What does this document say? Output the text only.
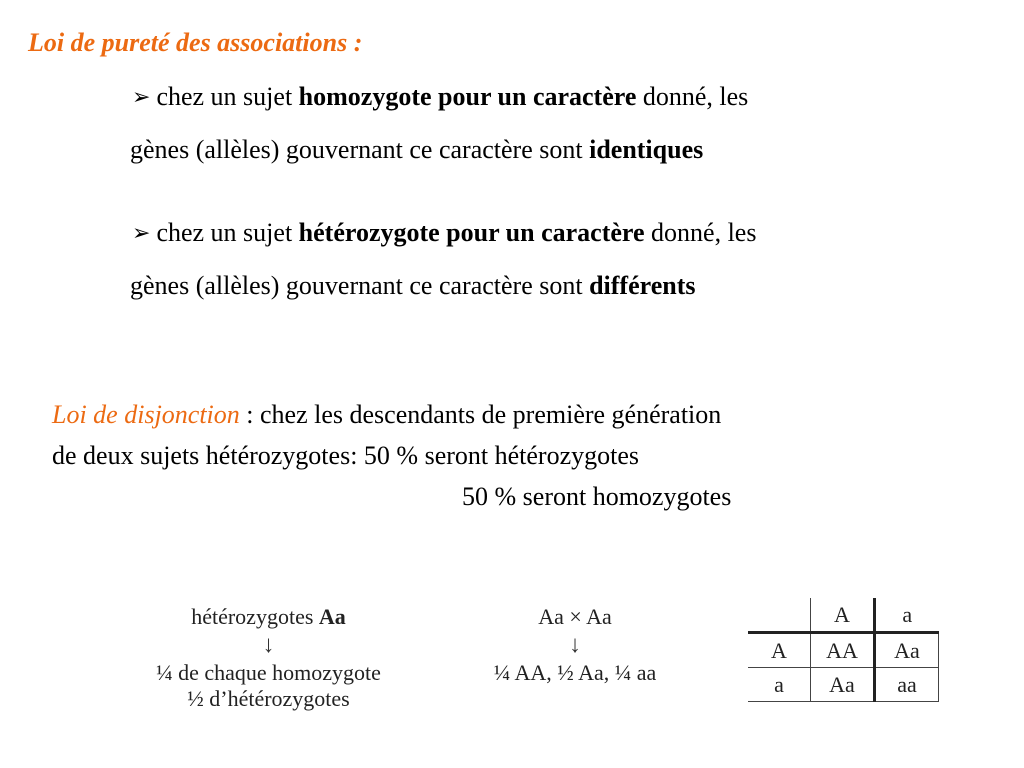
Loi de pureté des associations :
➢ chez un sujet homozygote pour un caractère donné, les
gènes (allèles) gouvernant ce caractère sont identiques
➢ chez un sujet hétérozygote pour un caractère donné, les
gènes (allèles) gouvernant ce caractère sont différents
Loi de disjonction : chez les descendants de première génération
de deux sujets hétérozygotes: 50 % seront hétérozygotes
50 % seront homozygotes
hétérozygotes Aa
↓
¼ de chaque homozygote
½ d’hétérozygotes
Aa × Aa
↓
¼ AA, ½ Aa, ¼ aa
	A	a
A	AA	Aa
a	Aa	aa
